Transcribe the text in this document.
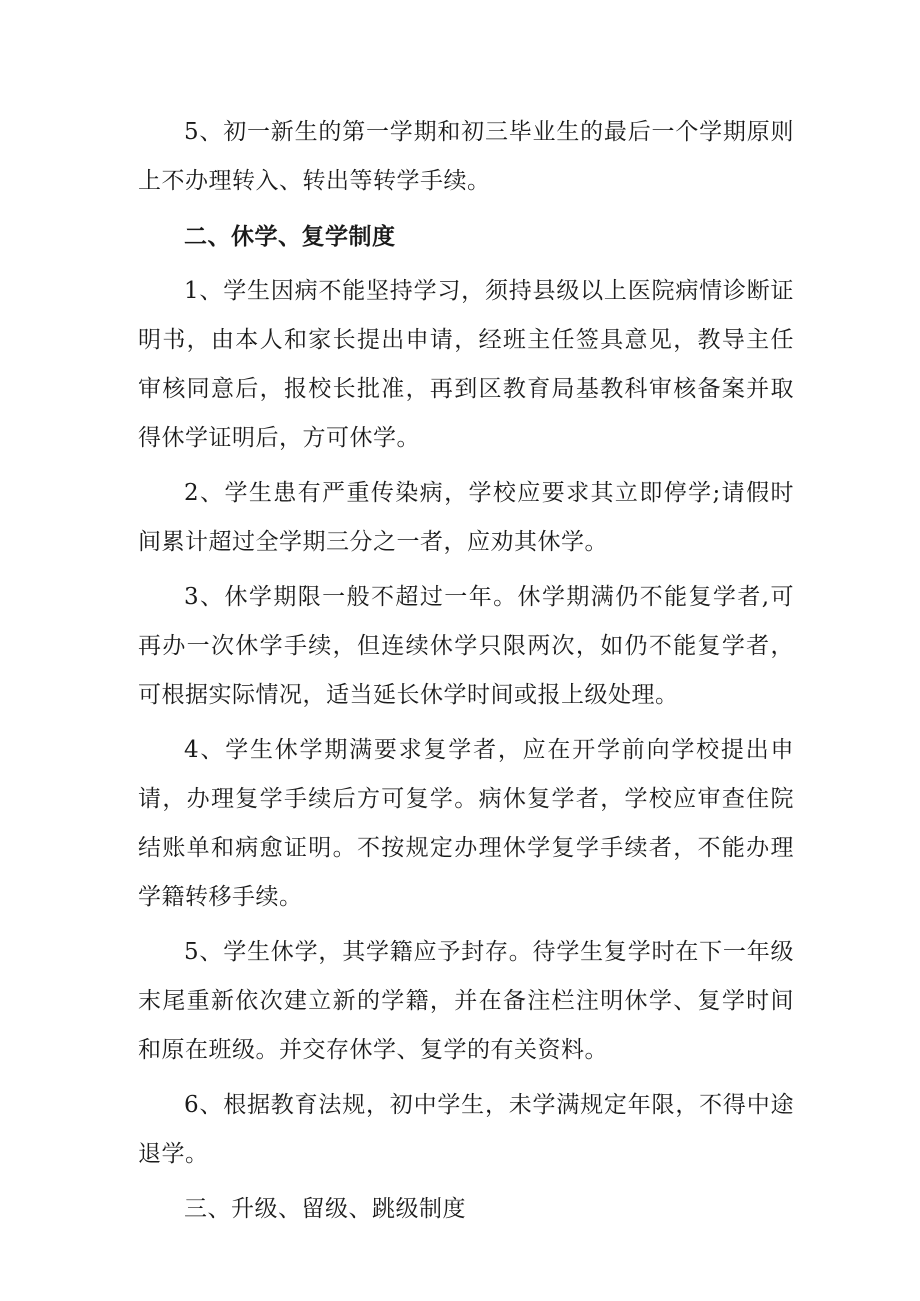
5、初一新生的第一学期和初三毕业生的最后一个学期原则上不办理转入、转出等转学手续。

二、休学、复学制度

1、学生因病不能坚持学习，须持县级以上医院病情诊断证明书，由本人和家长提出申请，经班主任签具意见，教导主任审核同意后，报校长批准，再到区教育局基教科审核备案并取得休学证明后，方可休学。

2、学生患有严重传染病，学校应要求其立即停学;请假时间累计超过全学期三分之一者，应劝其休学。

3、休学期限一般不超过一年。休学期满仍不能复学者,可再办一次休学手续，但连续休学只限两次，如仍不能复学者，可根据实际情况，适当延长休学时间或报上级处理。

4、学生休学期满要求复学者，应在开学前向学校提出申请，办理复学手续后方可复学。病休复学者，学校应审查住院结账单和病愈证明。不按规定办理休学复学手续者，不能办理学籍转移手续。

5、学生休学，其学籍应予封存。待学生复学时在下一年级末尾重新依次建立新的学籍，并在备注栏注明休学、复学时间和原在班级。并交存休学、复学的有关资料。

6、根据教育法规，初中学生，未学满规定年限，不得中途退学。

三、升级、留级、跳级制度
